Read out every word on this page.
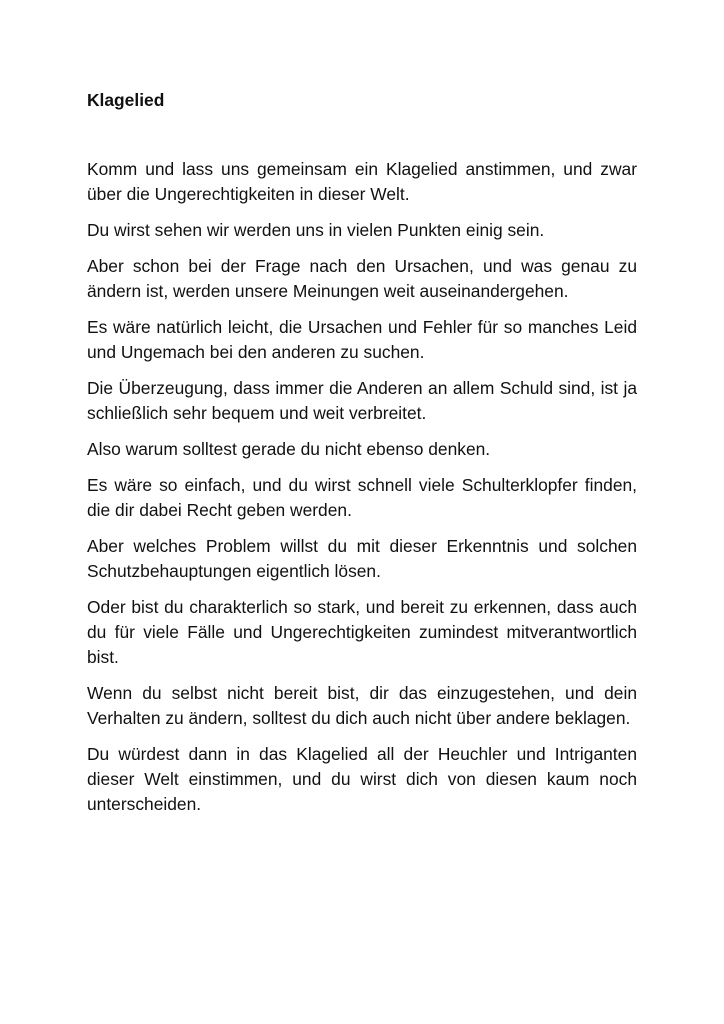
Klagelied

Komm und lass uns gemeinsam ein Klagelied anstimmen, und zwar über die Ungerechtigkeiten in dieser Welt.

Du wirst sehen wir werden uns in vielen Punkten einig sein.

Aber schon bei der Frage nach den Ursachen, und was genau zu ändern ist, werden unsere Meinungen weit auseinandergehen.

Es wäre natürlich leicht, die Ursachen und Fehler für so manches Leid und Ungemach bei den anderen zu suchen.

Die Überzeugung, dass immer die Anderen an allem Schuld sind, ist ja schließlich sehr bequem und weit verbreitet.

Also warum solltest gerade du nicht ebenso denken.

Es wäre so einfach, und du wirst schnell viele Schulterklopfer finden, die dir dabei Recht geben werden.

Aber welches Problem willst du mit dieser Erkenntnis und solchen Schutzbehauptungen eigentlich lösen.

Oder bist du charakterlich so stark, und bereit zu erkennen, dass auch du für viele Fälle und Ungerechtigkeiten zumindest mitverantwortlich bist.

Wenn du selbst nicht bereit bist, dir das einzugestehen, und dein Verhalten zu ändern, solltest du dich auch nicht über andere beklagen.

Du würdest dann in das Klagelied all der Heuchler und Intriganten dieser Welt einstimmen, und du wirst dich von diesen kaum noch unterscheiden.
